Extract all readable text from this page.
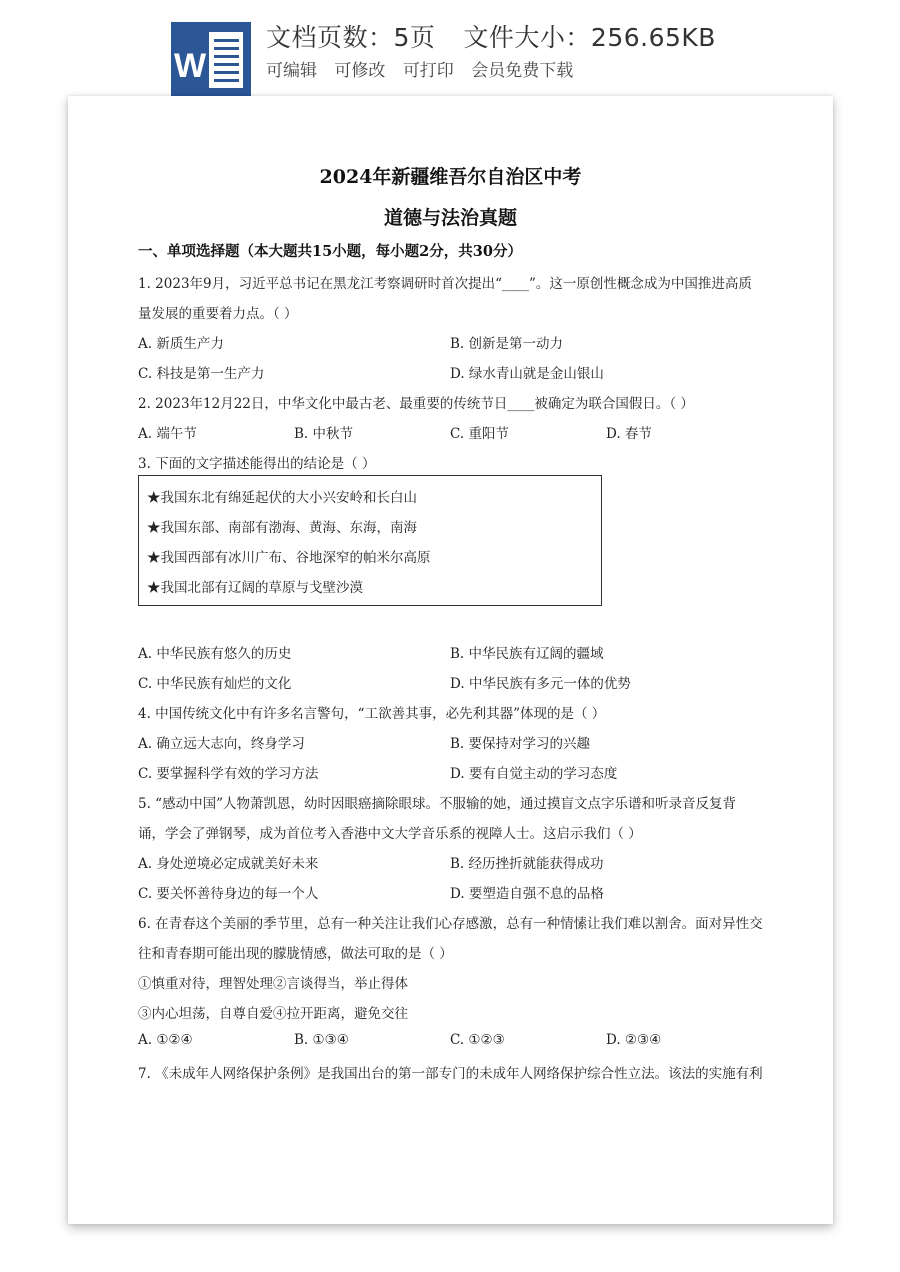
W
文档页数：5页 文件大小：256.65KB
可编辑 可修改 可打印 会员免费下载
2024年新疆维吾尔自治区中考
道德与法治真题
一、单项选择题（本大题共15小题，每小题2分，共30分）
1. 2023年9月，习近平总书记在黑龙江考察调研时首次提出“____”。这一原创性概念成为中国推进高质
量发展的重要着力点。（ ）
A. 新质生产力	B. 创新是第一动力
C. 科技是第一生产力	D. 绿水青山就是金山银山
2. 2023年12月22日，中华文化中最古老、最重要的传统节日____被确定为联合国假日。（ ）
A. 端午节	B. 中秋节	C. 重阳节	D. 春节
3. 下面的文字描述能得出的结论是（ ）
★我国东北有绵延起伏的大小兴安岭和长白山
★我国东部、南部有渤海、黄海、东海，南海
★我国西部有冰川广布、谷地深窄的帕米尔高原
★我国北部有辽阔的草原与戈壁沙漠
A. 中华民族有悠久的历史	B. 中华民族有辽阔的疆域
C. 中华民族有灿烂的文化	D. 中华民族有多元一体的优势
4. 中国传统文化中有许多名言警句，“工欲善其事，必先利其器”体现的是（ ）
A. 确立远大志向，终身学习	B. 要保持对学习的兴趣
C. 要掌握科学有效的学习方法	D. 要有自觉主动的学习态度
5. “感动中国”人物萧凯恩，幼时因眼癌摘除眼球。不服输的她，通过摸盲文点字乐谱和听录音反复背
诵，学会了弹钢琴，成为首位考入香港中文大学音乐系的视障人士。这启示我们（ ）
A. 身处逆境必定成就美好未来	B. 经历挫折就能获得成功
C. 要关怀善待身边的每一个人	D. 要塑造自强不息的品格
6. 在青春这个美丽的季节里，总有一种关注让我们心存感激，总有一种情愫让我们难以割舍。面对异性交
往和青春期可能出现的朦胧情感，做法可取的是（ ）
①慎重对待，理智处理②言谈得当，举止得体
③内心坦荡，自尊自爱④拉开距离，避免交往
A. ①②④	B. ①③④	C. ①②③	D. ②③④
7. 《未成年人网络保护条例》是我国出台的第一部专门的未成年人网络保护综合性立法。该法的实施有利
